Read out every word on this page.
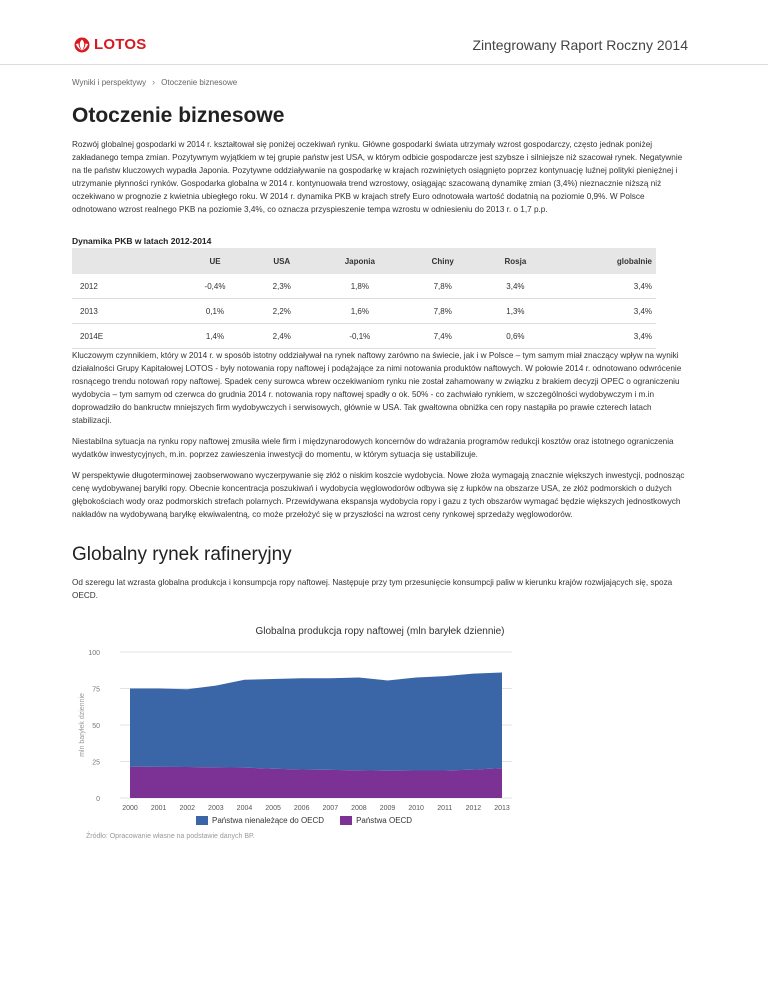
LOTOS	Zintegrowany Raport Roczny 2014
Wyniki i perspektywy › Otoczenie biznesowe
Otoczenie biznesowe

Rozwój globalnej gospodarki w 2014 r. kształtował się poniżej oczekiwań rynku. Główne gospodarki świata utrzymały wzrost gospodarczy, często jednak poniżej zakładanego tempa zmian. Pozytywnym wyjątkiem w tej grupie państw jest USA, w którym odbicie gospodarcze jest szybsze i silniejsze niż szacował rynek. Negatywnie na tle państw kluczowych wypadła Japonia. Pozytywne oddziaływanie na gospodarkę w krajach rozwiniętych osiągnięto poprzez kontynuację luźnej polityki pieniężnej i utrzymanie płynności rynków. Gospodarka globalna w 2014 r. kontynuowała trend wzrostowy, osiągając szacowaną dynamikę zmian (3,4%) nieznacznie niższą niż oczekiwano w prognozie z kwietnia ubiegłego roku. W 2014 r. dynamika PKB w krajach strefy Euro odnotowała wartość dodatnią na poziomie 0,9%. W Polsce odnotowano wzrost realnego PKB na poziomie 3,4%, co oznacza przyspieszenie tempa wzrostu w odniesieniu do 2013 r. o 1,7 p.p.

Dynamika PKB w latach 2012-2014

	UE	USA	Japonia	Chiny	Rosja	globalnie
2012	-0,4%	2,3%	1,8%	7,8%	3,4%	3,4%
2013	0,1%	2,2%	1,6%	7,8%	1,3%	3,4%
2014E	1,4%	2,4%	-0,1%	7,4%	0,6%	3,4%

Kluczowym czynnikiem, który w 2014 r. w sposób istotny oddziaływał na rynek naftowy zarówno na świecie, jak i w Polsce – tym samym miał znaczący wpływ na wyniki działalności Grupy Kapitałowej LOTOS - były notowania ropy naftowej i podążające za nimi notowania produktów naftowych. W połowie 2014 r. odnotowano odwrócenie rosnącego trendu notowań ropy naftowej. Spadek ceny surowca wbrew oczekiwaniom rynku nie został zahamowany w związku z brakiem decyzji OPEC o ograniczeniu wydobycia – tym samym od czerwca do grudnia 2014 r. notowania ropy naftowej spadły o ok. 50% - co zachwiało rynkiem, w szczególności wydobywczym i m.in doprowadziło do bankructw mniejszych firm wydobywczych i serwisowych, głównie w USA. Tak gwałtowna obniżka cen ropy nastąpiła po prawie czterech latach stabilizacji.

Niestabilna sytuacja na rynku ropy naftowej zmusiła wiele firm i międzynarodowych koncernów do wdrażania programów redukcji kosztów oraz istotnego ograniczenia wydatków inwestycyjnych, m.in. poprzez zawieszenia inwestycji do momentu, w którym sytuacja się ustabilizuje.

W perspektywie długoterminowej zaobserwowano wyczerpywanie się złóż o niskim koszcie wydobycia. Nowe złoża wymagają znacznie większych inwestycji, podnosząc cenę wydobywanej baryłki ropy. Obecnie koncentracja poszukiwań i wydobycia węglowodorów odbywa się z łupków na obszarze USA, ze złóż podmorskich o dużych głębokościach wody oraz podmorskich strefach polarnych. Przewidywana ekspansja wydobycia ropy i gazu z tych obszarów wymagać będzie większych jednostkowych nakładów na wydobywaną baryłkę ekwiwalentną, co może przełożyć się w przyszłości na wzrost ceny rynkowej sprzedaży węglowodorów.

Globalny rynek rafineryjny

Od szeregu lat wzrasta globalna produkcja i konsumpcja ropy naftowej. Następuje przy tym przesunięcie konsumpcji paliw w kierunku krajów rozwijających się, spoza OECD.

Globalna produkcja ropy naftowej (mln baryłek dziennie)
0
25
50
75
100
mln baryłek dziennie
2000 2001 2002 2003 2004 2005 2006 2007 2008 2009 2010 2011 2012 2013
Państwa nienależące do OECD	Państwa OECD
Źródło: Opracowanie własne na podstawie danych BP.
